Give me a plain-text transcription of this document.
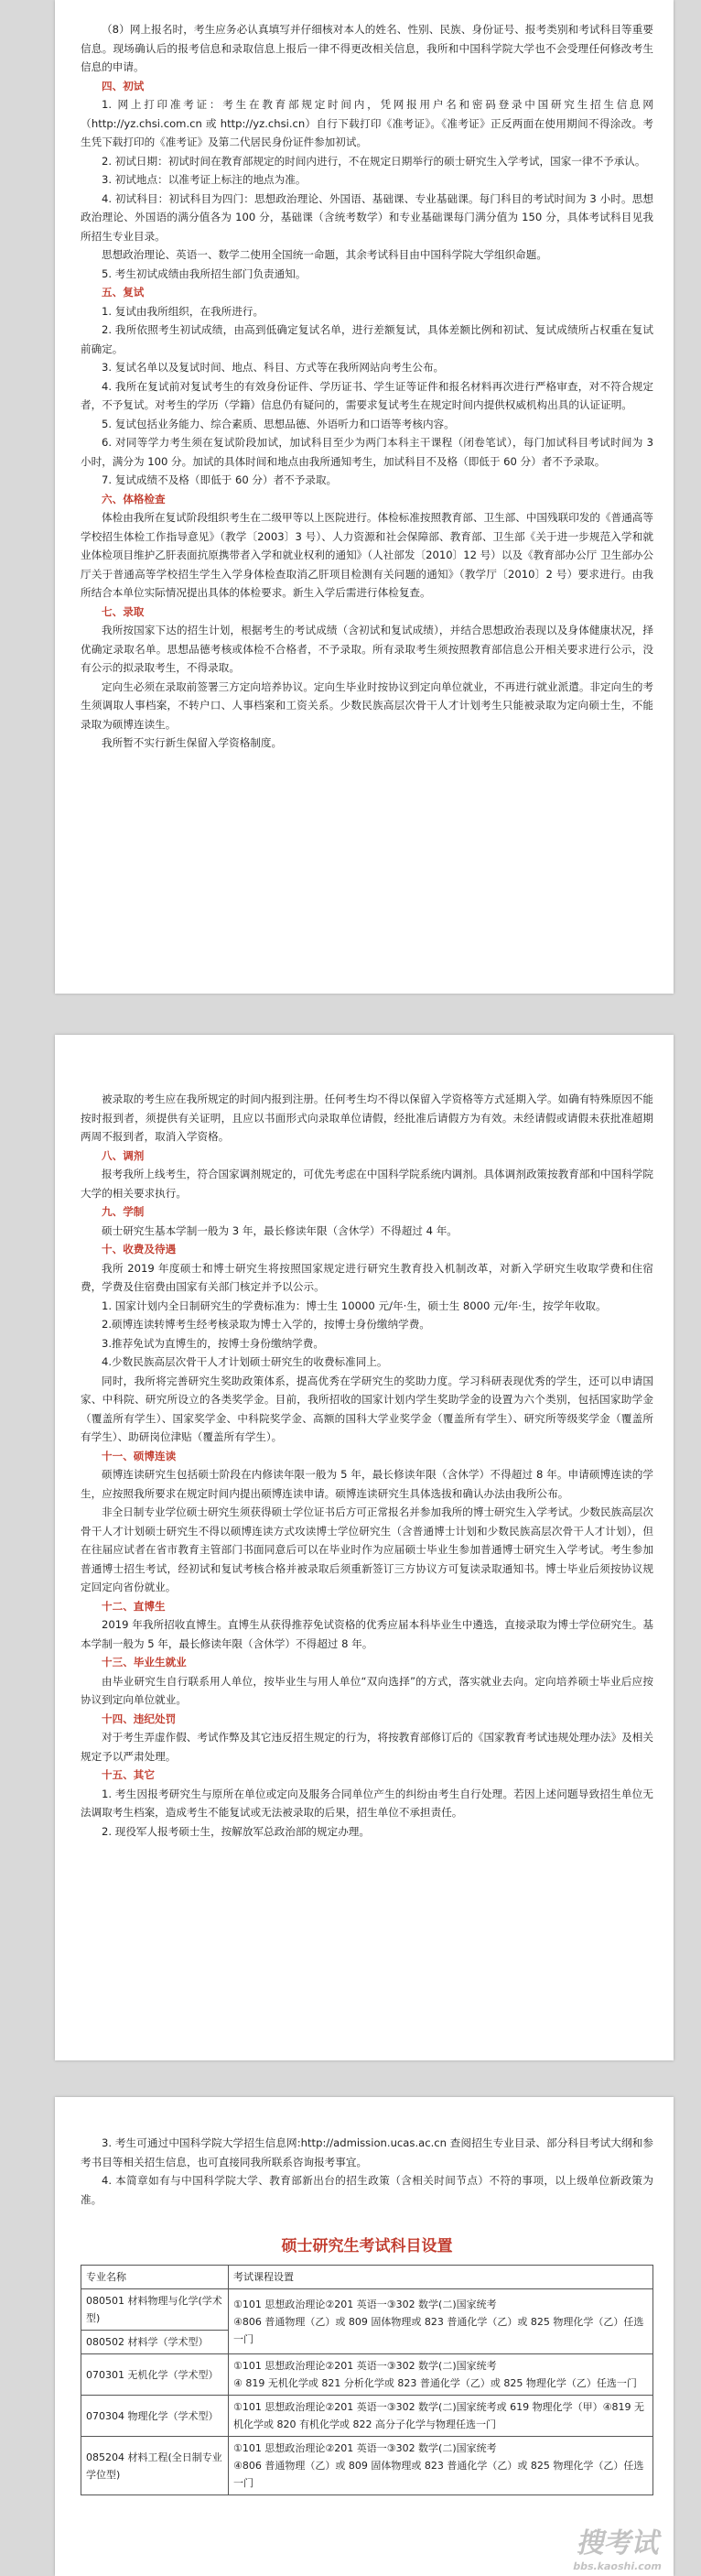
（8）网上报名时，考生应务必认真填写并仔细核对本人的姓名、性别、民族、身份证号、报考类别和考试科目等重要信息。现场确认后的报考信息和录取信息上报后一律不得更改相关信息，我所和中国科学院大学也不会受理任何修改考生信息的申请。

四、初试

1. 网上打印准考证：考生在教育部规定时间内，凭网报用户名和密码登录中国研究生招生信息网（http://yz.chsi.com.cn 或 http://yz.chsi.cn）自行下载打印《准考证》。《准考证》正反两面在使用期间不得涂改。考生凭下载打印的《准考证》及第二代居民身份证件参加初试。

2. 初试日期：初试时间在教育部规定的时间内进行，不在规定日期举行的硕士研究生入学考试，国家一律不予承认。

3. 初试地点：以准考证上标注的地点为准。

4. 初试科目：初试科目为四门：思想政治理论、外国语、基础课、专业基础课。每门科目的考试时间为 3 小时。思想政治理论、外国语的满分值各为 100 分，基础课（含统考数学）和专业基础课每门满分值为 150 分，具体考试科目见我所招生专业目录。

思想政治理论、英语一、数学二使用全国统一命题，其余考试科目由中国科学院大学组织命题。

5. 考生初试成绩由我所招生部门负责通知。

五、复试

1. 复试由我所组织，在我所进行。

2. 我所依照考生初试成绩，由高到低确定复试名单，进行差额复试，具体差额比例和初试、复试成绩所占权重在复试前确定。

3. 复试名单以及复试时间、地点、科目、方式等在我所网站向考生公布。

4. 我所在复试前对复试考生的有效身份证件、学历证书、学生证等证件和报名材料再次进行严格审查，对不符合规定者，不予复试。对考生的学历（学籍）信息仍有疑问的，需要求复试考生在规定时间内提供权威机构出具的认证证明。

5. 复试包括业务能力、综合素质、思想品德、外语听力和口语等考核内容。

6. 对同等学力考生须在复试阶段加试，加试科目至少为两门本科主干课程（闭卷笔试），每门加试科目考试时间为 3 小时，满分为 100 分。加试的具体时间和地点由我所通知考生，加试科目不及格（即低于 60 分）者不予录取。

7. 复试成绩不及格（即低于 60 分）者不予录取。

六、体格检查

体检由我所在复试阶段组织考生在二级甲等以上医院进行。体检标准按照教育部、卫生部、中国残联印发的《普通高等学校招生体检工作指导意见》（教学〔2003〕3 号）、人力资源和社会保障部、教育部、卫生部《关于进一步规范入学和就业体检项目维护乙肝表面抗原携带者入学和就业权利的通知》（人社部发〔2010〕12 号）以及《教育部办公厅 卫生部办公厅关于普通高等学校招生学生入学身体检查取消乙肝项目检测有关问题的通知》（教学厅〔2010〕2 号）要求进行。由我所结合本单位实际情况提出具体的体检要求。新生入学后需进行体检复查。

七、录取

我所按国家下达的招生计划，根据考生的考试成绩（含初试和复试成绩），并结合思想政治表现以及身体健康状况，择优确定录取名单。思想品德考核或体检不合格者，不予录取。所有录取考生须按照教育部信息公开相关要求进行公示，没有公示的拟录取考生，不得录取。

定向生必须在录取前签署三方定向培养协议。定向生毕业时按协议到定向单位就业，不再进行就业派遣。非定向生的考生须调取人事档案，不转户口、人事档案和工资关系。少数民族高层次骨干人才计划考生只能被录取为定向硕士生，不能录取为硕博连读生。

我所暂不实行新生保留入学资格制度。

被录取的考生应在我所规定的时间内报到注册。任何考生均不得以保留入学资格等方式延期入学。如确有特殊原因不能按时报到者，须提供有关证明，且应以书面形式向录取单位请假，经批准后请假方为有效。未经请假或请假未获批准超期两周不报到者，取消入学资格。

八、调剂

报考我所上线考生，符合国家调剂规定的，可优先考虑在中国科学院系统内调剂。具体调剂政策按教育部和中国科学院大学的相关要求执行。

九、学制

硕士研究生基本学制一般为 3 年，最长修读年限（含休学）不得超过 4 年。

十、收费及待遇

我所 2019 年度硕士和博士研究生将按照国家规定进行研究生教育投入机制改革，对新入学研究生收取学费和住宿费，学费及住宿费由国家有关部门核定并予以公示。

1. 国家计划内全日制研究生的学费标准为：博士生 10000 元/年·生，硕士生 8000 元/年·生，按学年收取。

2.硕博连读转博考生经考核录取为博士入学的，按博士身份缴纳学费。

3.推荐免试为直博生的，按博士身份缴纳学费。

4.少数民族高层次骨干人才计划硕士研究生的收费标准同上。

同时，我所将完善研究生奖助政策体系，提高优秀在学研究生的奖助力度。学习科研表现优秀的学生，还可以申请国家、中科院、研究所设立的各类奖学金。目前，我所招收的国家计划内学生奖助学金的设置为六个类别，包括国家助学金（覆盖所有学生）、国家奖学金、中科院奖学金、高额的国科大学业奖学金（覆盖所有学生）、研究所等级奖学金（覆盖所有学生）、助研岗位津贴（覆盖所有学生）。

十一、硕博连读

硕博连读研究生包括硕士阶段在内修读年限一般为 5 年，最长修读年限（含休学）不得超过 8 年。申请硕博连读的学生，应按照我所要求在规定时间内提出硕博连读申请。硕博连读研究生具体选拔和确认办法由我所公布。

非全日制专业学位硕士研究生须获得硕士学位证书后方可正常报名并参加我所的博士研究生入学考试。少数民族高层次骨干人才计划硕士研究生不得以硕博连读方式攻读博士学位研究生（含普通博士计划和少数民族高层次骨干人才计划），但在往届应试者在省市教育主管部门书面同意后可以在毕业时作为应届硕士毕业生参加普通博士研究生入学考试。考生参加普通博士招生考试，经初试和复试考核合格并被录取后须重新签订三方协议方可复读录取通知书。博士毕业后须按协议规定回定向省份就业。

十二、直博生

2019 年我所招收直博生。直博生从获得推荐免试资格的优秀应届本科毕业生中遴选，直接录取为博士学位研究生。基本学制一般为 5 年，最长修读年限（含休学）不得超过 8 年。

十三、毕业生就业

由毕业研究生自行联系用人单位，按毕业生与用人单位“双向选择”的方式，落实就业去向。定向培养硕士毕业后应按协议到定向单位就业。

十四、违纪处罚

对于考生弄虚作假、考试作弊及其它违反招生规定的行为，将按教育部修订后的《国家教育考试违规处理办法》及相关规定予以严肃处理。

十五、其它

1. 考生因报考研究生与原所在单位或定向及服务合同单位产生的纠纷由考生自行处理。若因上述问题导致招生单位无法调取考生档案，造成考生不能复试或无法被录取的后果，招生单位不承担责任。

2. 现役军人报考硕士生，按解放军总政治部的规定办理。

3. 考生可通过中国科学院大学招生信息网:http://admission.ucas.ac.cn 查阅招生专业目录、部分科目考试大纲和参考书目等相关招生信息，也可直接同我所联系咨询报考事宜。

4. 本简章如有与中国科学院大学、教育部新出台的招生政策（含相关时间节点）不符的事项，以上级单位新政策为准。

硕士研究生考试科目设置
专业名称	考试课程设置
080501 材料物理与化学(学术型)	①101 思想政治理论②201 英语一③302 数学(二)国家统考
④806 普通物理（乙）或 809 固体物理或 823 普通化学（乙）或 825 物理化学（乙）任选一门
080502 材料学（学术型）	
070301 无机化学（学术型）	①101 思想政治理论②201 英语一③302 数学(二)国家统考
④ 819 无机化学或 821 分析化学或 823 普通化学（乙）或 825 物理化学（乙）任选一门
070304 物理化学（学术型）	①101 思想政治理论②201 英语一③302 数学(二)国家统考或 619 物理化学（甲）④819 无机化学或 820 有机化学或 822 高分子化学与物理任选一门
085204 材料工程(全日制专业学位型)	①101 思想政治理论②201 英语一③302 数学(二)国家统考
④806 普通物理（乙）或 809 固体物理或 823 普通化学（乙）或 825 物理化学（乙）任选一门
搜考试
bbs.kaoshi.com
